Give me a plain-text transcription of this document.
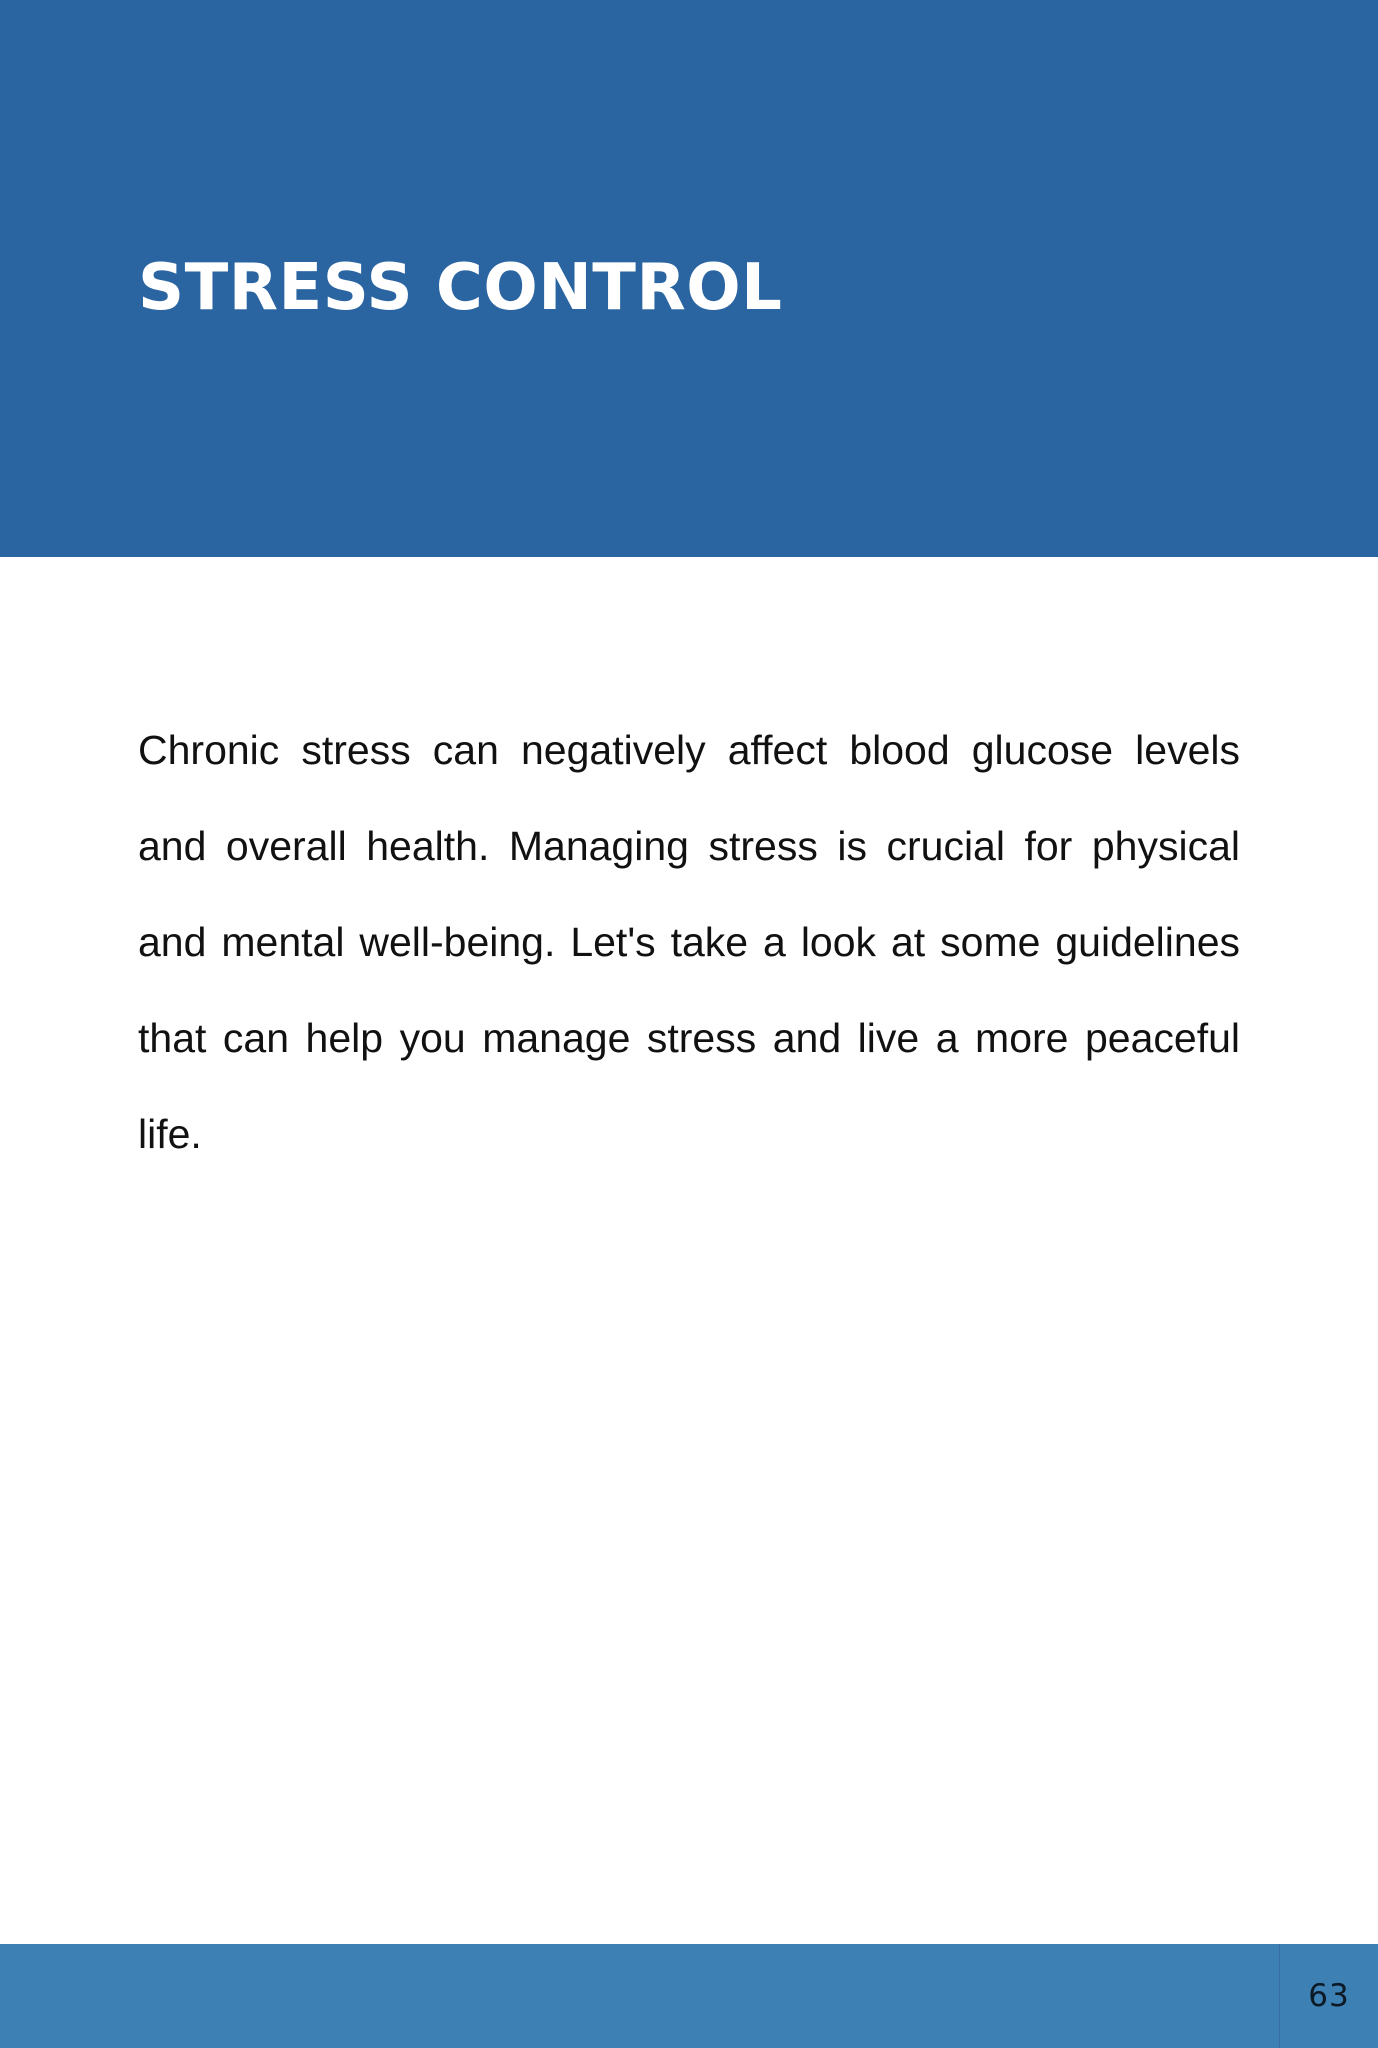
STRESS CONTROL

Chronic stress can negatively affect blood glucose levels and overall health. Managing stress is crucial for physical and mental well-being. Let's take a look at some guidelines that can help you manage stress and live a more peaceful life.

63
